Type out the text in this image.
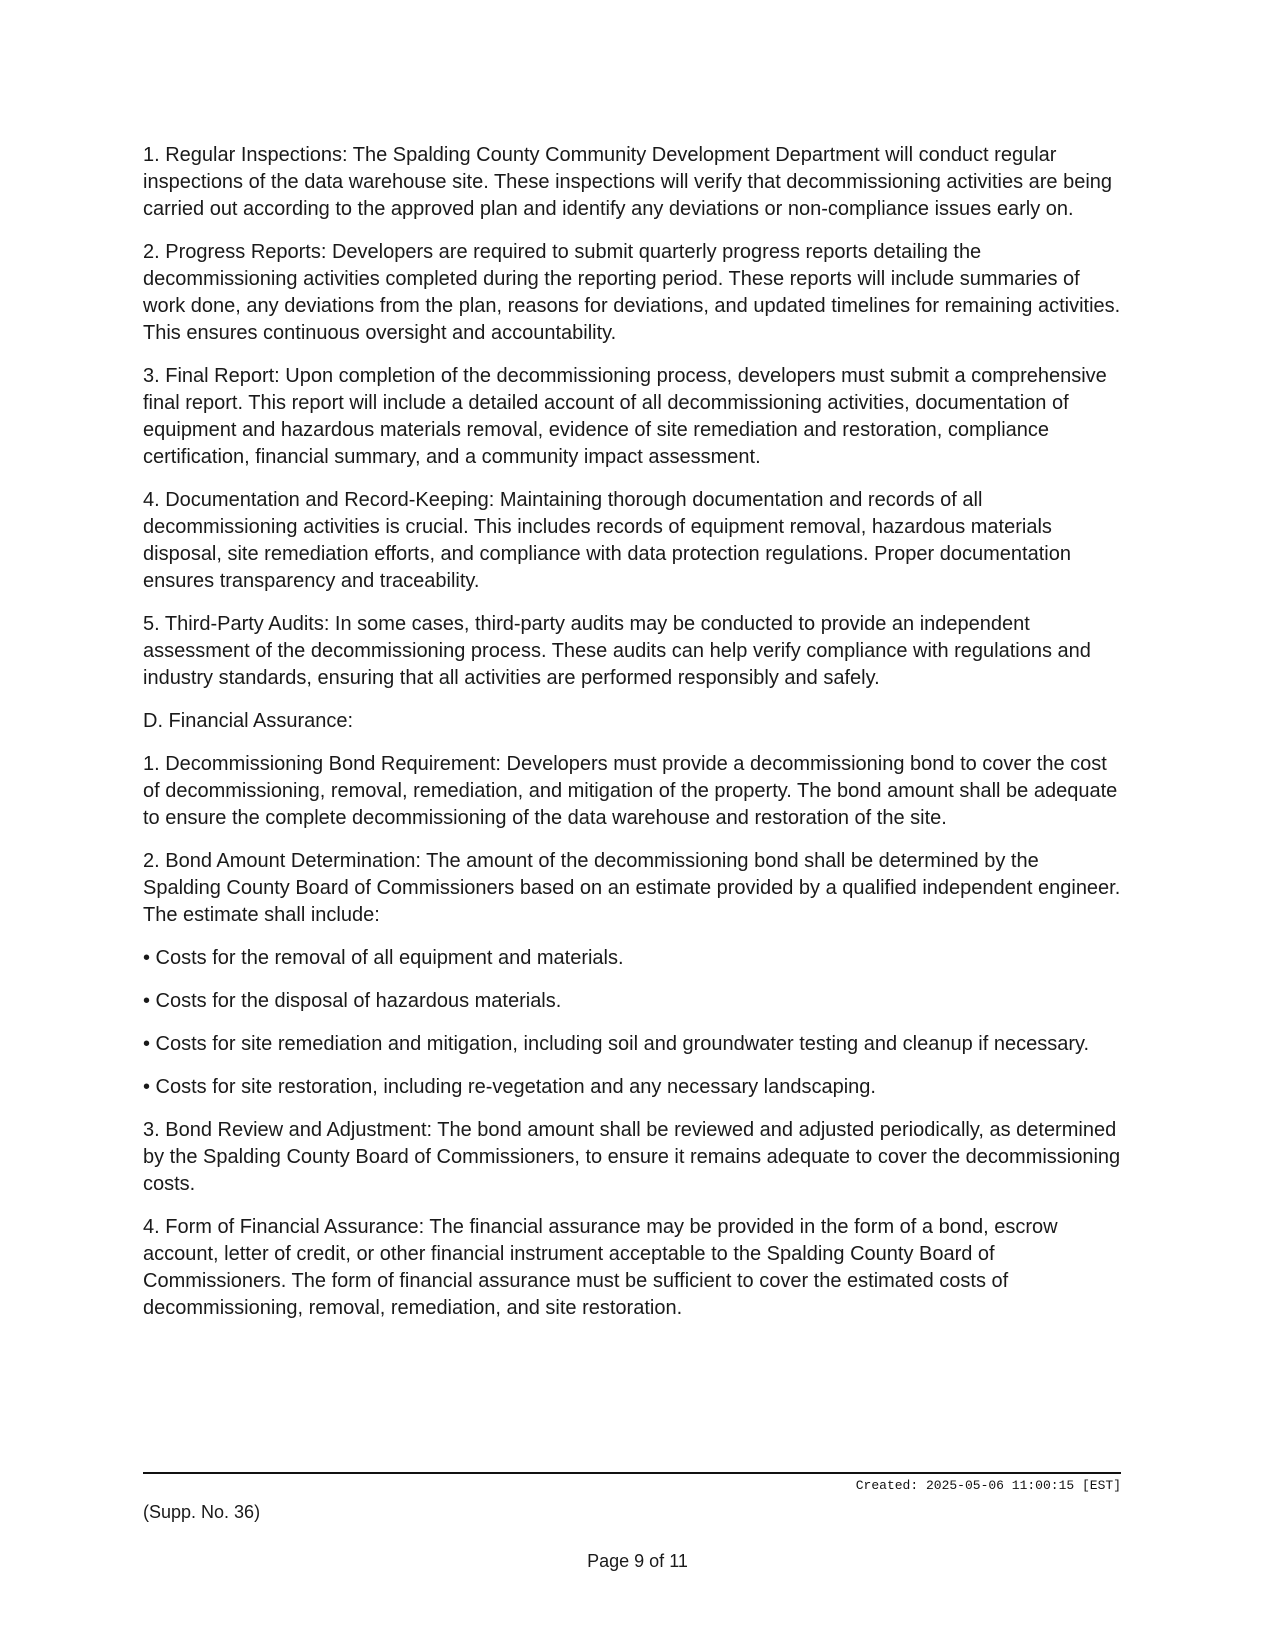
1. Regular Inspections: The Spalding County Community Development Department will conduct regular inspections of the data warehouse site. These inspections will verify that decommissioning activities are being carried out according to the approved plan and identify any deviations or non-compliance issues early on.

2. Progress Reports: Developers are required to submit quarterly progress reports detailing the decommissioning activities completed during the reporting period. These reports will include summaries of work done, any deviations from the plan, reasons for deviations, and updated timelines for remaining activities. This ensures continuous oversight and accountability.

3. Final Report: Upon completion of the decommissioning process, developers must submit a comprehensive final report. This report will include a detailed account of all decommissioning activities, documentation of equipment and hazardous materials removal, evidence of site remediation and restoration, compliance certification, financial summary, and a community impact assessment.

4. Documentation and Record-Keeping: Maintaining thorough documentation and records of all decommissioning activities is crucial. This includes records of equipment removal, hazardous materials disposal, site remediation efforts, and compliance with data protection regulations. Proper documentation ensures transparency and traceability.

5. Third-Party Audits: In some cases, third-party audits may be conducted to provide an independent assessment of the decommissioning process. These audits can help verify compliance with regulations and industry standards, ensuring that all activities are performed responsibly and safely.

D. Financial Assurance:

1. Decommissioning Bond Requirement: Developers must provide a decommissioning bond to cover the cost of decommissioning, removal, remediation, and mitigation of the property. The bond amount shall be adequate to ensure the complete decommissioning of the data warehouse and restoration of the site.

2. Bond Amount Determination: The amount of the decommissioning bond shall be determined by the Spalding County Board of Commissioners based on an estimate provided by a qualified independent engineer. The estimate shall include:

• Costs for the removal of all equipment and materials.

• Costs for the disposal of hazardous materials.

• Costs for site remediation and mitigation, including soil and groundwater testing and cleanup if necessary.

• Costs for site restoration, including re-vegetation and any necessary landscaping.

3. Bond Review and Adjustment: The bond amount shall be reviewed and adjusted periodically, as determined by the Spalding County Board of Commissioners, to ensure it remains adequate to cover the decommissioning costs.

4. Form of Financial Assurance: The financial assurance may be provided in the form of a bond, escrow account, letter of credit, or other financial instrument acceptable to the Spalding County Board of Commissioners. The form of financial assurance must be sufficient to cover the estimated costs of decommissioning, removal, remediation, and site restoration.

Created: 2025-05-06 11:00:15 [EST]
(Supp. No. 36)
Page 9 of 11
